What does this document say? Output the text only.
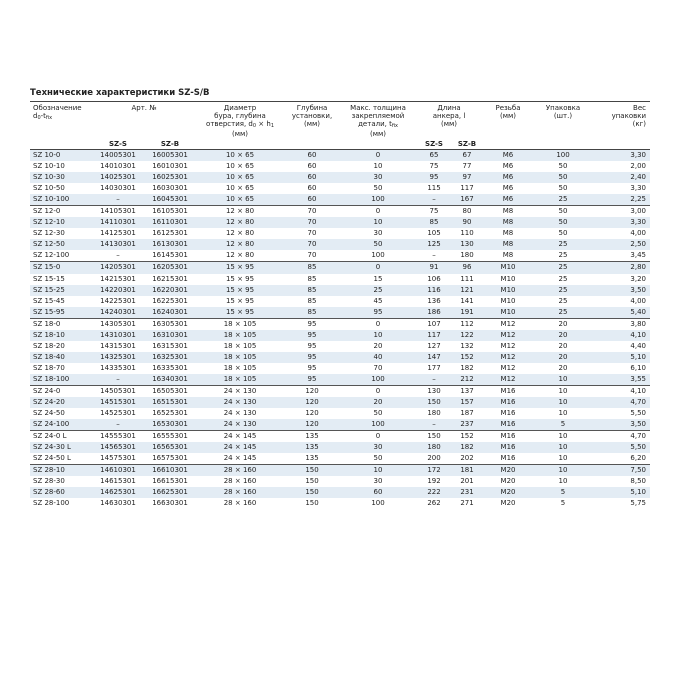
Технические характеристики SZ-S/B
Обозначение
$d_0-t_{fix}$	Арт. №		Диаметр
бура, глубина
отверстия, $d_0 \times h_1$
(мм)	Глубина
установки,
(мм)	Макс. толщина
закрепляемой
детали, $t_{fix}$
(мм)	Длина
анкера, l
(мм)		Резьба
(мм)	Упаковка
(шт.)	Вес
упаковки
(кг)
	SZ-S	SZ-B				SZ-S	SZ-B			
SZ 10-0	14005301	16005301	10 × 65	60	0	65	67	M6	100	3,30
SZ 10-10	14010301	16010301	10 × 65	60	10	75	77	M6	50	2,00
SZ 10-30	14025301	16025301	10 × 65	60	30	95	97	M6	50	2,40
SZ 10-50	14030301	16030301	10 × 65	60	50	115	117	M6	50	3,30
SZ 10-100	–	16045301	10 × 65	60	100	–	167	M6	25	2,25
SZ 12-0	14105301	16105301	12 × 80	70	0	75	80	M8	50	3,00
SZ 12-10	14110301	16110301	12 × 80	70	10	85	90	M8	50	3,30
SZ 12-30	14125301	16125301	12 × 80	70	30	105	110	M8	50	4,00
SZ 12-50	14130301	16130301	12 × 80	70	50	125	130	M8	25	2,50
SZ 12-100	–	16145301	12 × 80	70	100	–	180	M8	25	3,45
SZ 15-0	14205301	16205301	15 × 95	85	0	91	96	M10	25	2,80
SZ 15-15	14215301	16215301	15 × 95	85	15	106	111	M10	25	3,20
SZ 15-25	14220301	16220301	15 × 95	85	25	116	121	M10	25	3,50
SZ 15-45	14225301	16225301	15 × 95	85	45	136	141	M10	25	4,00
SZ 15-95	14240301	16240301	15 × 95	85	95	186	191	M10	25	5,40
SZ 18-0	14305301	16305301	18 × 105	95	0	107	112	M12	20	3,80
SZ 18-10	14310301	16310301	18 × 105	95	10	117	122	M12	20	4,10
SZ 18-20	14315301	16315301	18 × 105	95	20	127	132	M12	20	4,40
SZ 18-40	14325301	16325301	18 × 105	95	40	147	152	M12	20	5,10
SZ 18-70	14335301	16335301	18 × 105	95	70	177	182	M12	20	6,10
SZ 18-100	–	16340301	18 × 105	95	100	–	212	M12	10	3,55
SZ 24-0	14505301	16505301	24 × 130	120	0	130	137	M16	10	4,10
SZ 24-20	14515301	16515301	24 × 130	120	20	150	157	M16	10	4,70
SZ 24-50	14525301	16525301	24 × 130	120	50	180	187	M16	10	5,50
SZ 24-100	–	16530301	24 × 130	120	100	–	237	M16	5	3,50
SZ 24-0 L	14555301	16555301	24 × 145	135	0	150	152	M16	10	4,70
SZ 24-30 L	14565301	16565301	24 × 145	135	30	180	182	M16	10	5,50
SZ 24-50 L	14575301	16575301	24 × 145	135	50	200	202	M16	10	6,20
SZ 28-10	14610301	16610301	28 × 160	150	10	172	181	M20	10	7,50
SZ 28-30	14615301	16615301	28 × 160	150	30	192	201	M20	10	8,50
SZ 28-60	14625301	16625301	28 × 160	150	60	222	231	M20	5	5,10
SZ 28-100	14630301	16630301	28 × 160	150	100	262	271	M20	5	5,75
